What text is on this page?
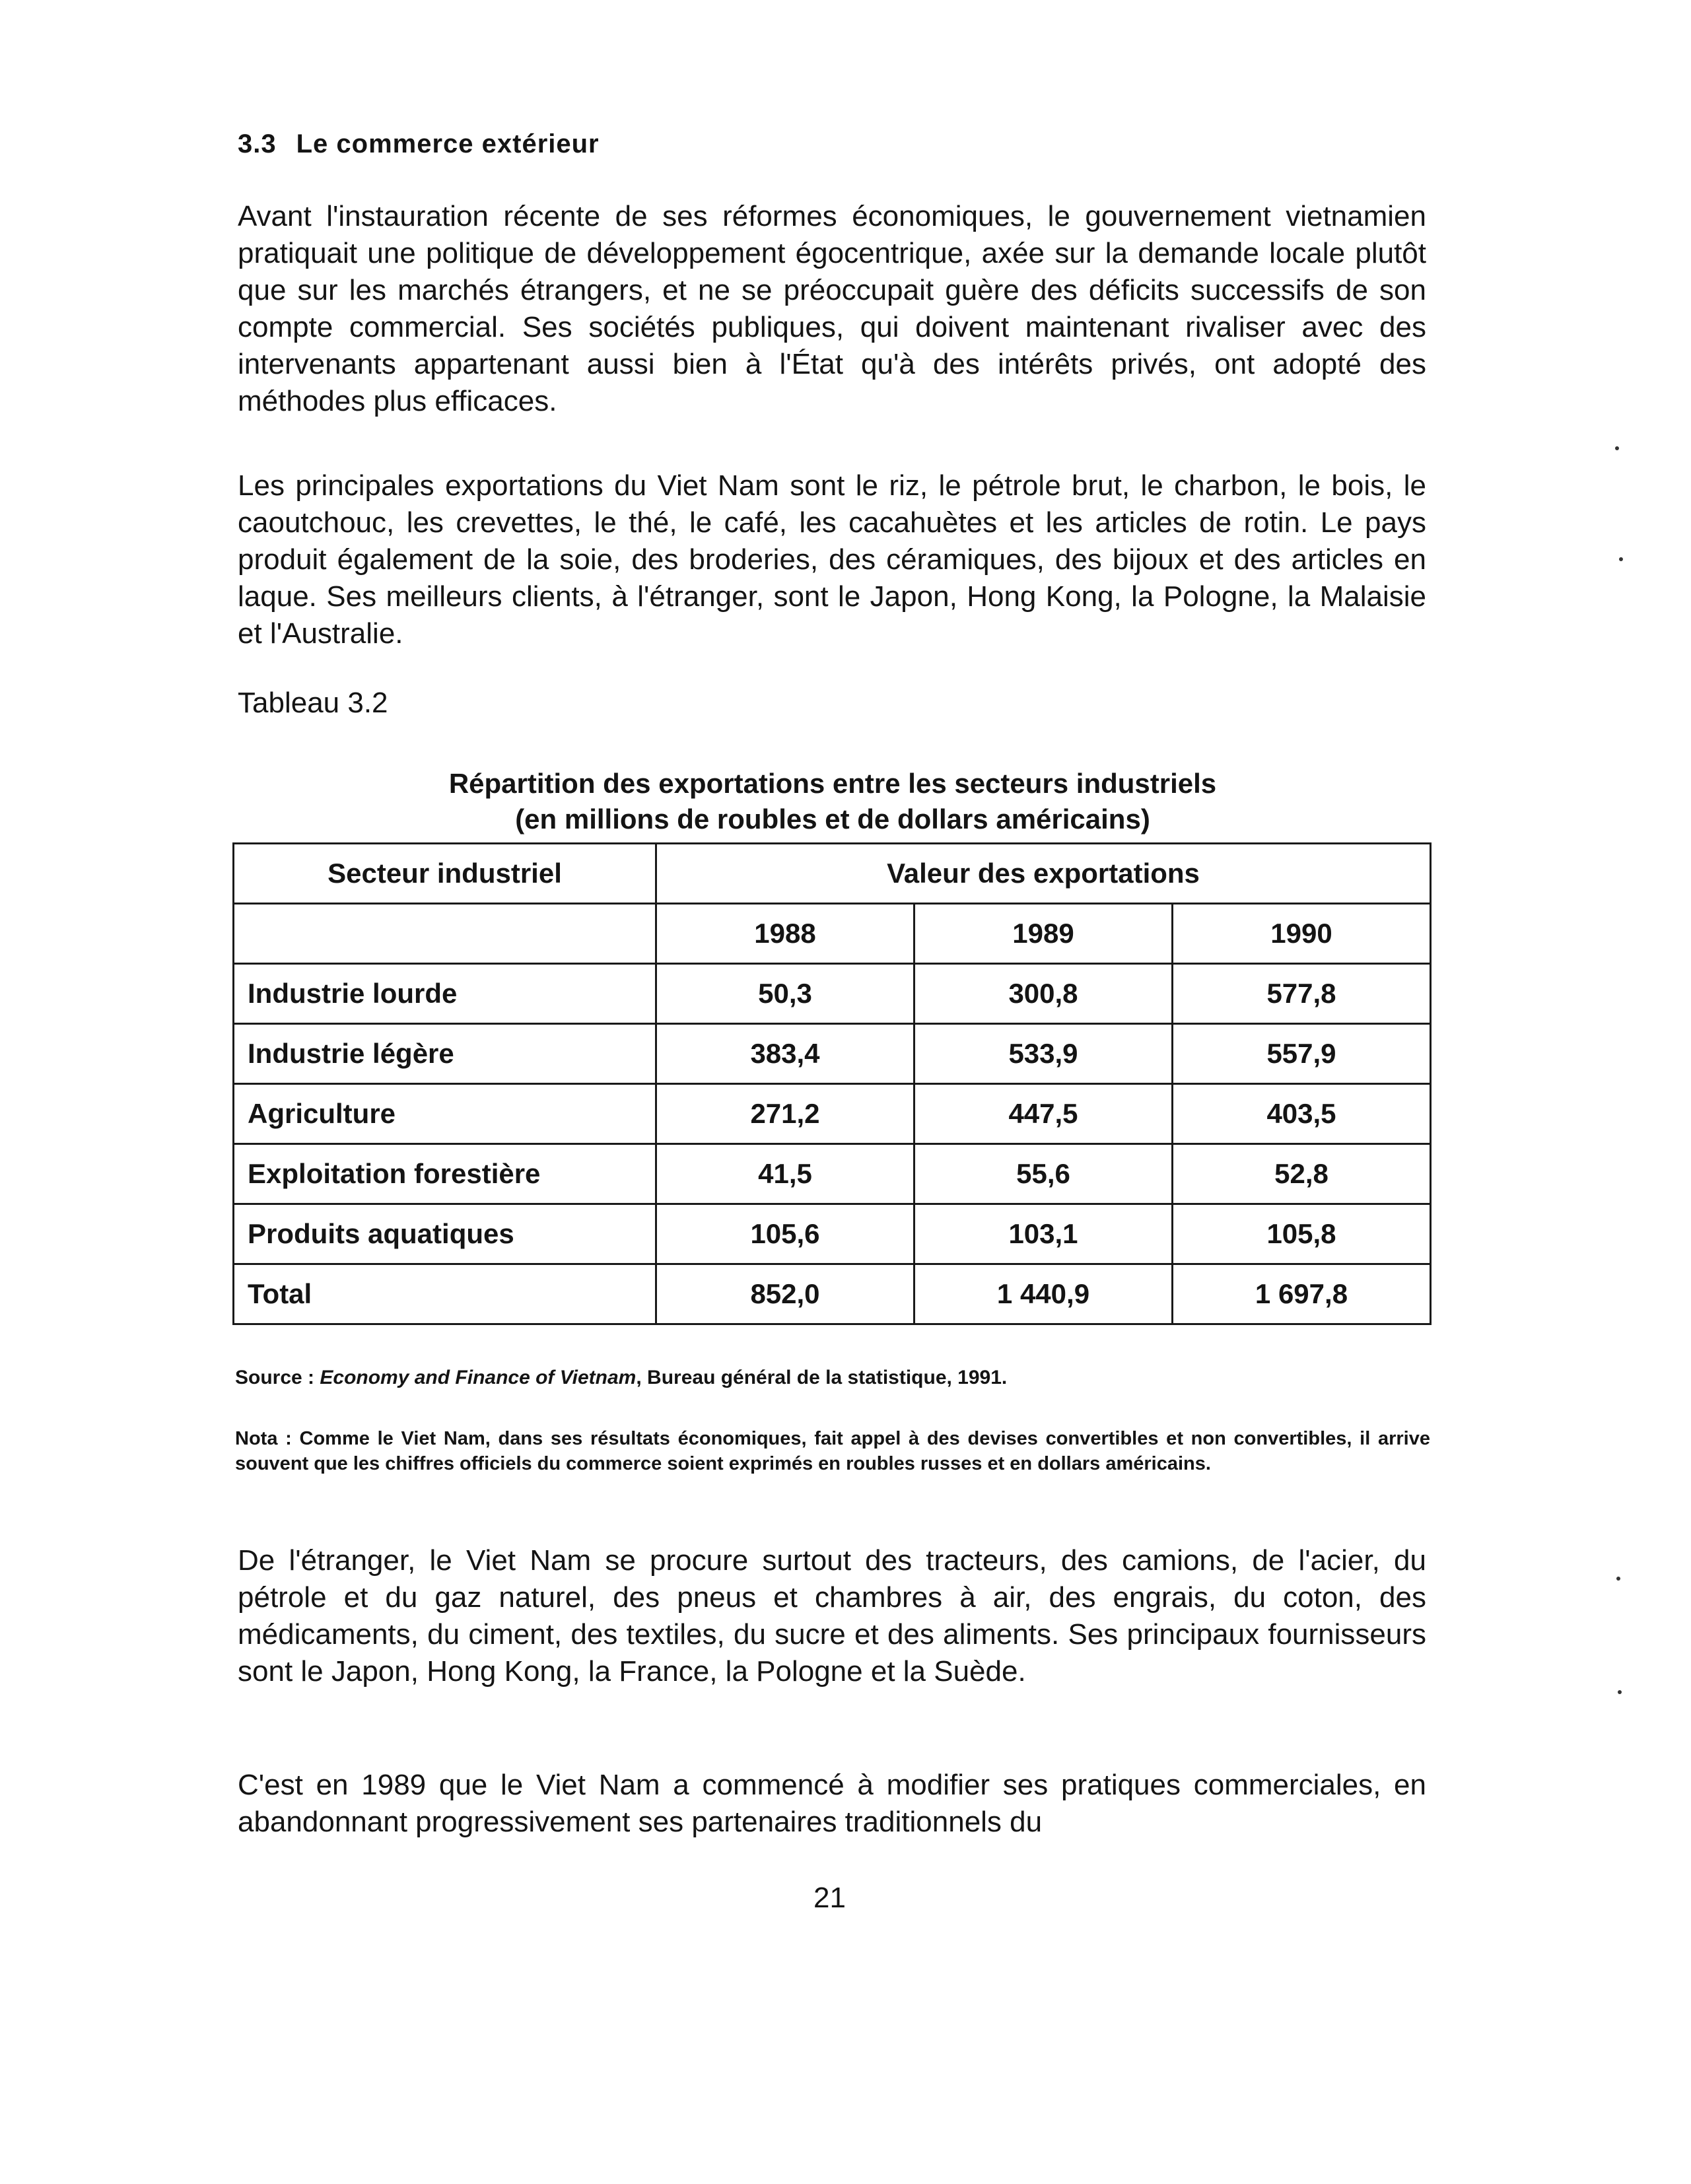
3.3 Le commerce extérieur

Avant l'instauration récente de ses réformes économiques, le gouvernement vietnamien pratiquait une politique de développement égocentrique, axée sur la demande locale plutôt que sur les marchés étrangers, et ne se préoccupait guère des déficits successifs de son compte commercial. Ses sociétés publiques, qui doivent maintenant rivaliser avec des intervenants appartenant aussi bien à l'État qu'à des intérêts privés, ont adopté des méthodes plus efficaces.

Les principales exportations du Viet Nam sont le riz, le pétrole brut, le charbon, le bois, le caoutchouc, les crevettes, le thé, le café, les cacahuètes et les articles de rotin. Le pays produit également de la soie, des broderies, des céramiques, des bijoux et des articles en laque. Ses meilleurs clients, à l'étranger, sont le Japon, Hong Kong, la Pologne, la Malaisie et l'Australie.

Tableau 3.2
Répartition des exportations entre les secteurs industriels
(en millions de roubles et de dollars américains)
Secteur industriel	Valeur des exportations		
	1988	1989	1990
Industrie lourde	50,3	300,8	577,8
Industrie légère	383,4	533,9	557,9
Agriculture	271,2	447,5	403,5
Exploitation forestière	41,5	55,6	52,8
Produits aquatiques	105,6	103,1	105,8
Total	852,0	1 440,9	1 697,8
Source : Economy and Finance of Vietnam, Bureau général de la statistique, 1991.

Nota : Comme le Viet Nam, dans ses résultats économiques, fait appel à des devises convertibles et non convertibles, il arrive souvent que les chiffres officiels du commerce soient exprimés en roubles russes et en dollars américains.

De l'étranger, le Viet Nam se procure surtout des tracteurs, des camions, de l'acier, du pétrole et du gaz naturel, des pneus et chambres à air, des engrais, du coton, des médicaments, du ciment, des textiles, du sucre et des aliments. Ses principaux fournisseurs sont le Japon, Hong Kong, la France, la Pologne et la Suède.

C'est en 1989 que le Viet Nam a commencé à modifier ses pratiques commerciales, en abandonnant progressivement ses partenaires traditionnels du

21
